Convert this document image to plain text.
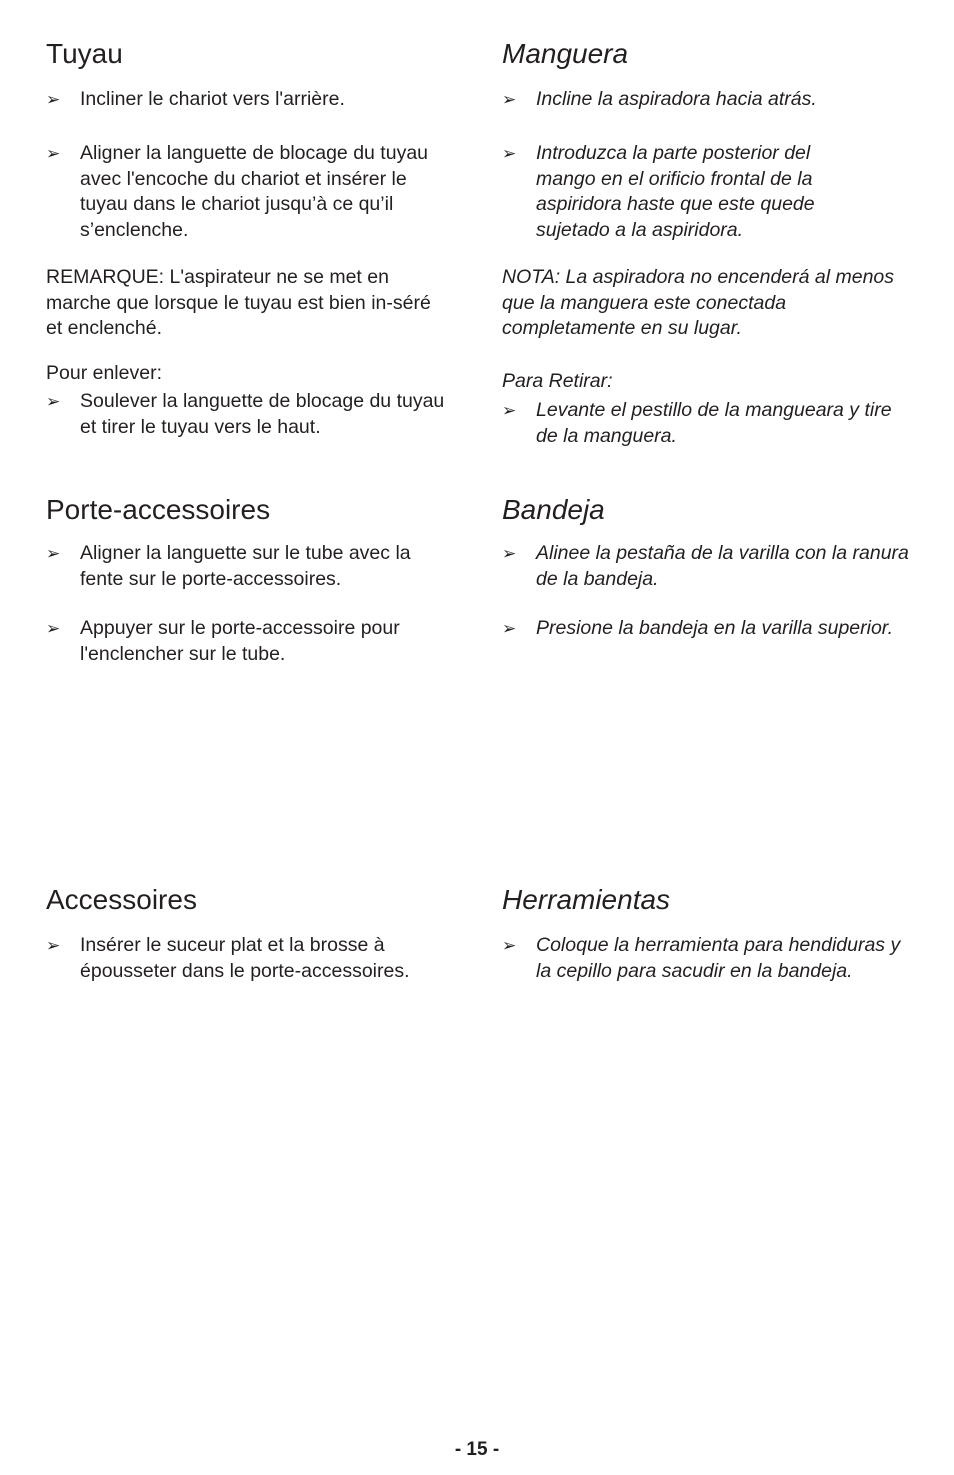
Tuyau
➢ Incliner le chariot vers l'arrière.
➢ Aligner la languette de blocage du tuyau avec l'encoche du chariot et insérer le tuyau dans le chariot jusqu’à ce qu’il s’enclenche.
REMARQUE: L'aspirateur ne se met en marche que lorsque le tuyau est bien in-séré et enclenché.
Pour enlever:
➢ Soulever la languette de blocage du tuyau et tirer le tuyau vers le haut.
Porte-accessoires
➢ Aligner la languette sur le tube avec la fente sur le porte-accessoires.
➢ Appuyer sur le porte-accessoire pour l'enclencher sur le tube.
Accessoires
➢ Insérer le suceur plat et la brosse à épousseter dans le porte-accessoires.
Manguera
➢ Incline la aspiradora hacia atrás.
➢ Introduzca la parte posterior del mango en el orificio frontal de la aspiridora haste que este quede sujetado a la aspiridora.
NOTA: La aspiradora no encenderá al menos que la manguera este conectada completamente en su lugar.
Para Retirar:
➢ Levante el pestillo de la mangueara y tire de la manguera.
Bandeja
➢ Alinee la pestaña de la varilla con la ranura de la bandeja.
➢ Presione la bandeja en la varilla superior.
Herramientas
➢ Coloque la herramienta para hendiduras y la cepillo para sacudir en la bandeja.
- 15 -
